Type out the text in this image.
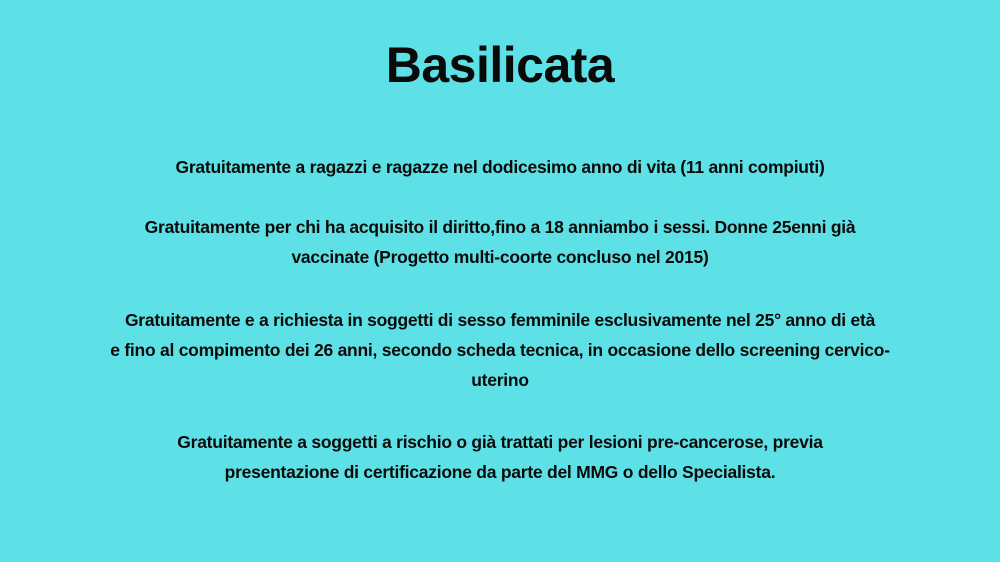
Basilicata
Gratuitamente a ragazzi e ragazze nel dodicesimo anno di vita (11 anni compiuti)
Gratuitamente per chi ha acquisito il diritto,fino a 18 anniambo i sessi. Donne 25enni già
vaccinate (Progetto multi-coorte concluso nel 2015)
Gratuitamente e a richiesta in soggetti di sesso femminile esclusivamente nel 25° anno di età
e fino al compimento dei 26 anni, secondo scheda tecnica, in occasione dello screening cervico-
uterino
Gratuitamente a soggetti a rischio o già trattati per lesioni pre-cancerose, previa
presentazione di certificazione da parte del MMG o dello Specialista.
